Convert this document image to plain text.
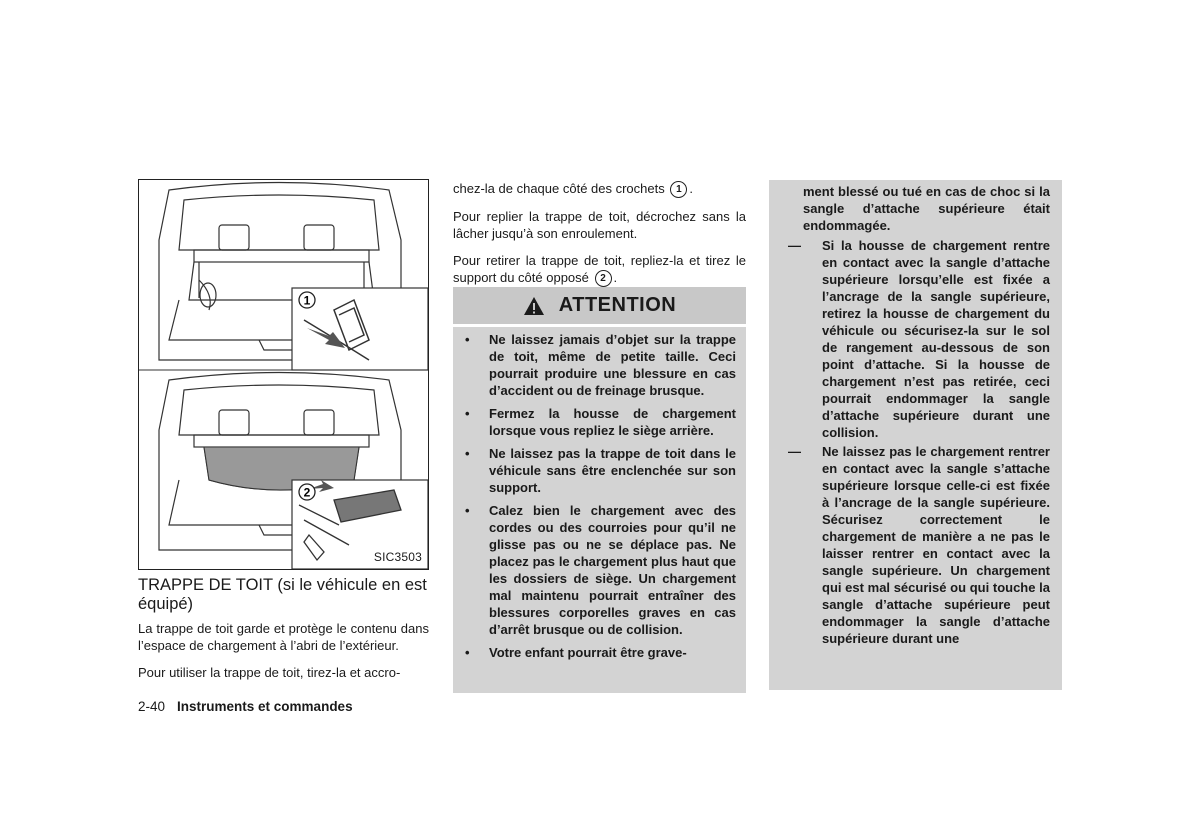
1
2
SIC3503
TRAPPE DE TOIT (si le véhicule en est équipé)

La trappe de toit garde et protège le contenu dans l’espace de chargement à l’abri de l’extérieur.

Pour utiliser la trappe de toit, tirez-la et accro-

chez-la de chaque côté des crochets 1 .

Pour replier la trappe de toit, décrochez sans la lâcher jusqu’à son enroulement.

Pour retirer la trappe de toit, repliez-la et tirez le support du côté opposé 2 .

ATTENTION
• Ne laissez jamais d’objet sur la trappe de toit, même de petite taille. Ceci pourrait produire une blessure en cas d’accident ou de freinage brusque.
• Fermez la housse de chargement lorsque vous repliez le siège arrière.
• Ne laissez pas la trappe de toit dans le véhicule sans être enclenchée sur son support.
• Calez bien le chargement avec des cordes ou des courroies pour qu’il ne glisse pas ou ne se déplace pas. Ne placez pas le chargement plus haut que les dossiers de siège. Un chargement mal maintenu pourrait entraîner des blessures corporelles graves en cas d’arrêt brusque ou de collision.
• Votre enfant pourrait être grave-

ment blessé ou tué en cas de choc si la sangle d’attache supérieure était endommagée.

— Si la housse de chargement rentre en contact avec la sangle d’attache supérieure lorsqu’elle est fixée a l’ancrage de la sangle supérieure, retirez la housse de chargement du véhicule ou sécurisez-la sur le sol de rangement au-dessous de son point d’attache. Si la housse de chargement n’est pas retirée, ceci pourrait endommager la sangle d’attache supérieure durant une collision.

— Ne laissez pas le chargement rentrer en contact avec la sangle s’attache supérieure lorsque celle-ci est fixée à l’ancrage de la sangle supérieure. Sécurisez correctement le chargement de manière a ne pas le laisser rentrer en contact avec la sangle supérieure. Un chargement qui est mal sécurisé ou qui touche la sangle d’attache supérieure peut endommager la sangle d’attache supérieure durant une

2-40 Instruments et commandes
